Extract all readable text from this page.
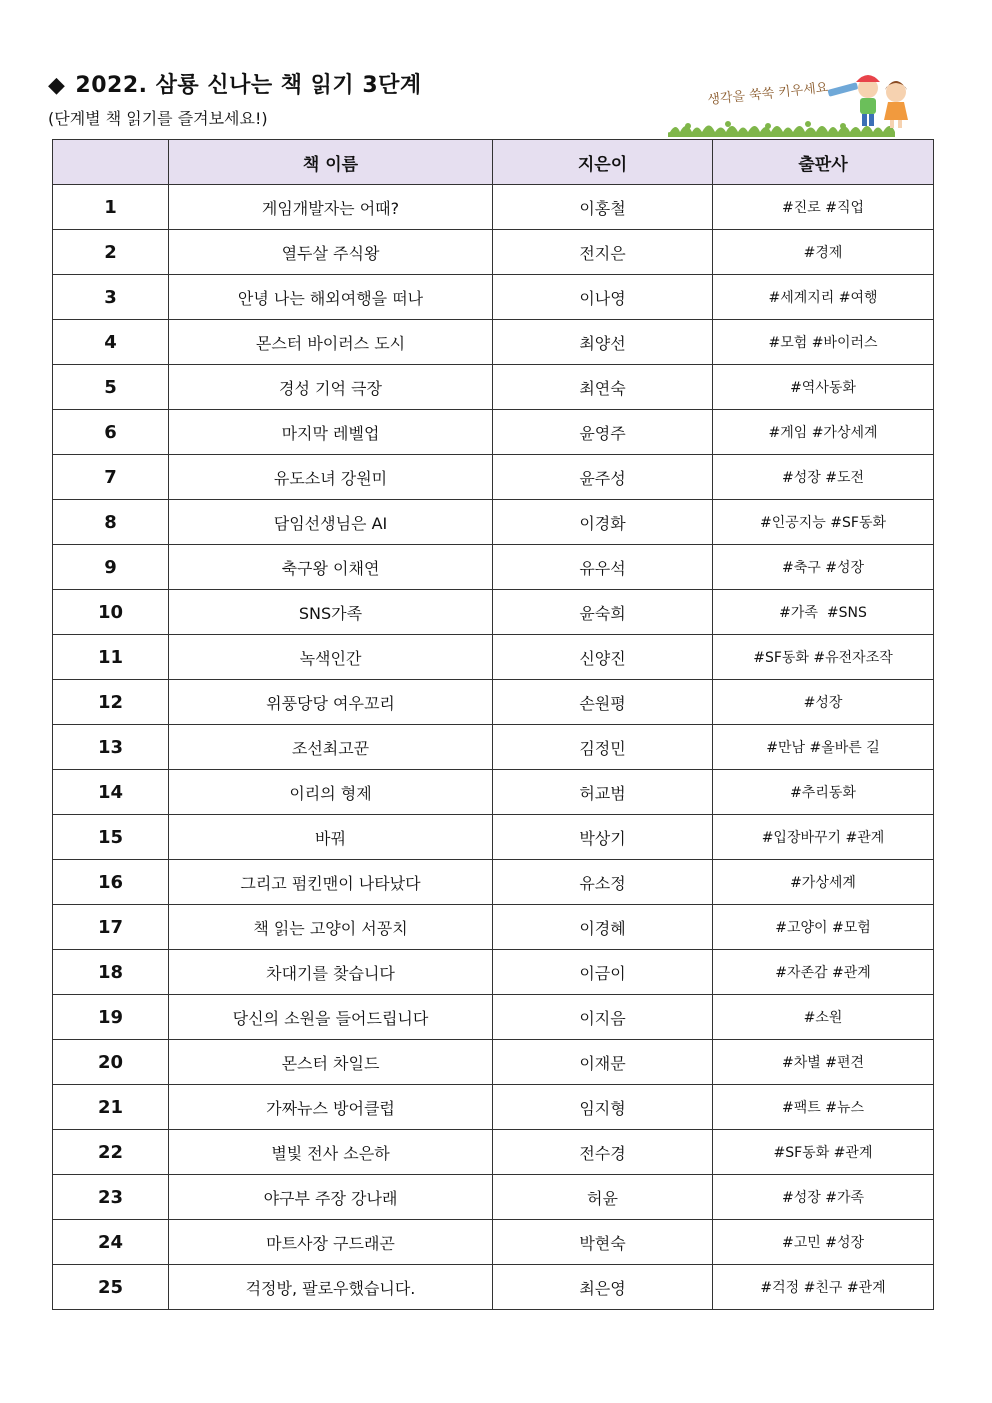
◆ 2022. 삼룡 신나는 책 읽기 3단계
(단계별 책 읽기를 즐겨보세요!)
생각을 쑥쑥 키우세요
	책 이름	지은이	출판사
1	게임개발자는 어때?	이홍철	#진로 #직업
2	열두살 주식왕	전지은	#경제
3	안녕 나는 해외여행을 떠나	이나영	#세계지리 #여행
4	몬스터 바이러스 도시	최양선	#모험 #바이러스
5	경성 기억 극장	최연숙	#역사동화
6	마지막 레벨업	윤영주	#게임 #가상세계
7	유도소녀 강원미	윤주성	#성장 #도전
8	담임선생님은 AI	이경화	#인공지능 #SF동화
9	축구왕 이채연	유우석	#축구 #성장
10	SNS가족	윤숙희	#가족  #SNS
11	녹색인간	신양진	#SF동화 #유전자조작
12	위풍당당 여우꼬리	손원평	#성장
13	조선최고꾼	김정민	#만남 #올바른 길
14	이리의 형제	허교범	#추리동화
15	바꿔	박상기	#입장바꾸기 #관계
16	그리고 펌킨맨이 나타났다	유소정	#가상세계
17	책 읽는 고양이 서꽁치	이경혜	#고양이 #모험
18	차대기를 찾습니다	이금이	#자존감 #관계
19	당신의 소원을 들어드립니다	이지음	#소원
20	몬스터 차일드	이재문	#차별 #편견
21	가짜뉴스 방어클럽	임지형	#팩트 #뉴스
22	별빛 전사 소은하	전수경	#SF동화 #관계
23	야구부 주장 강나래	허윤	#성장 #가족
24	마트사장 구드래곤	박현숙	#고민 #성장
25	걱정방, 팔로우했습니다.	최은영	#걱정 #친구 #관계
